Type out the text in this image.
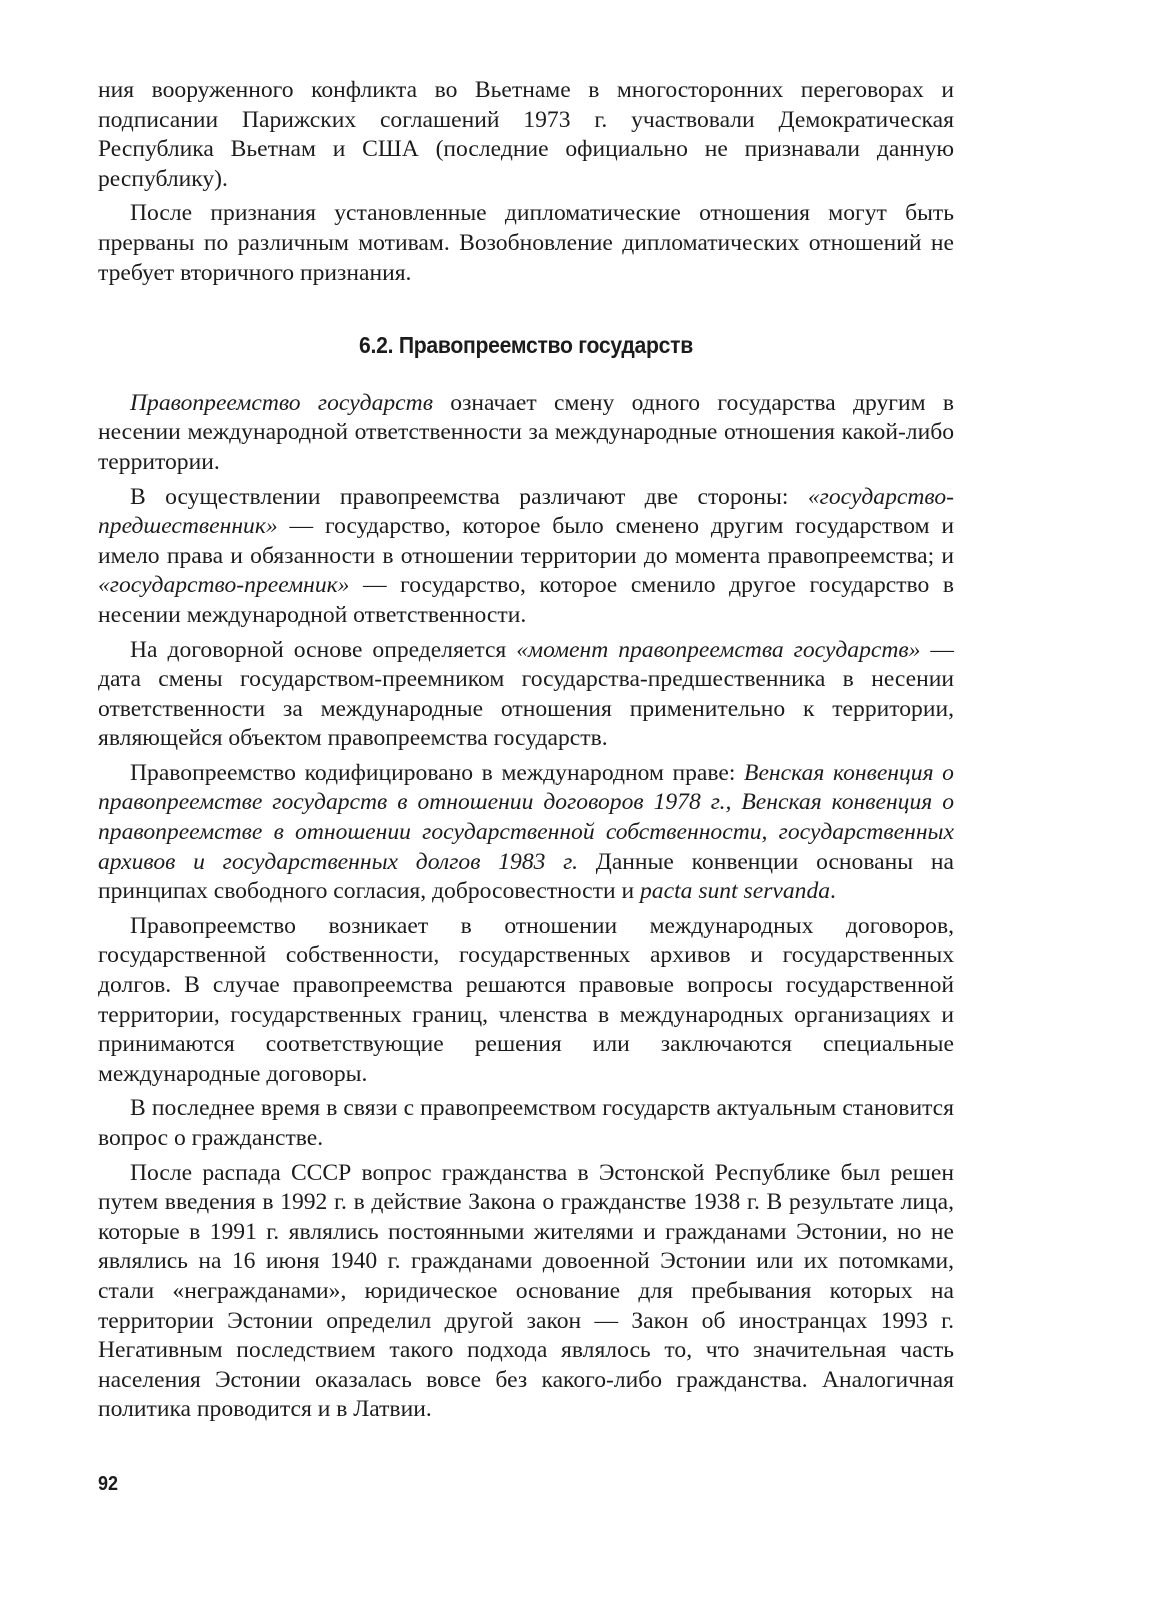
ния вооруженного конфликта во Вьетнаме в многосторонних переговорах и подписании Парижских соглашений 1973 г. участвовали Демократическая Республика Вьетнам и США (последние официально не признавали данную республику).

После признания установленные дипломатические отношения могут быть прерваны по различным мотивам. Возобновление дипломатических отношений не требует вторичного признания.

6.2. Правопреемство государств

Правопреемство государств означает смену одного государства другим в несении международной ответственности за международные отношения какой-либо территории.

В осуществлении правопреемства различают две стороны: «государство-предшественник» — государство, которое было сменено другим государством и имело права и обязанности в отношении территории до момента правопреемства; и «государство-преемник» — государство, которое сменило другое государство в несении международной ответственности.

На договорной основе определяется «момент правопреемства государств» — дата смены государством-преемником государства-предшественника в несении ответственности за международные отношения применительно к территории, являющейся объектом правопреемства государств.

Правопреемство кодифицировано в международном праве: Венская конвенция о правопреемстве государств в отношении договоров 1978 г., Венская конвенция о правопреемстве в отношении государственной собственности, государственных архивов и государственных долгов 1983 г. Данные конвенции основаны на принципах свободного согласия, добросовестности и pacta sunt servanda.

Правопреемство возникает в отношении международных договоров, государственной собственности, государственных архивов и государственных долгов. В случае правопреемства решаются правовые вопросы государственной территории, государственных границ, членства в международных организациях и принимаются соответствующие решения или заключаются специальные международные договоры.

В последнее время в связи с правопреемством государств актуальным становится вопрос о гражданстве.

После распада СССР вопрос гражданства в Эстонской Республике был решен путем введения в 1992 г. в действие Закона о гражданстве 1938 г. В результате лица, которые в 1991 г. являлись постоянными жителями и гражданами Эстонии, но не являлись на 16 июня 1940 г. гражданами довоенной Эстонии или их потомками, стали «негражданами», юридическое основание для пребывания которых на территории Эстонии определил другой закон — Закон об иностранцах 1993 г. Негативным последствием такого подхода являлось то, что значительная часть населения Эстонии оказалась вовсе без какого-либо гражданства. Аналогичная политика проводится и в Латвии.

92
